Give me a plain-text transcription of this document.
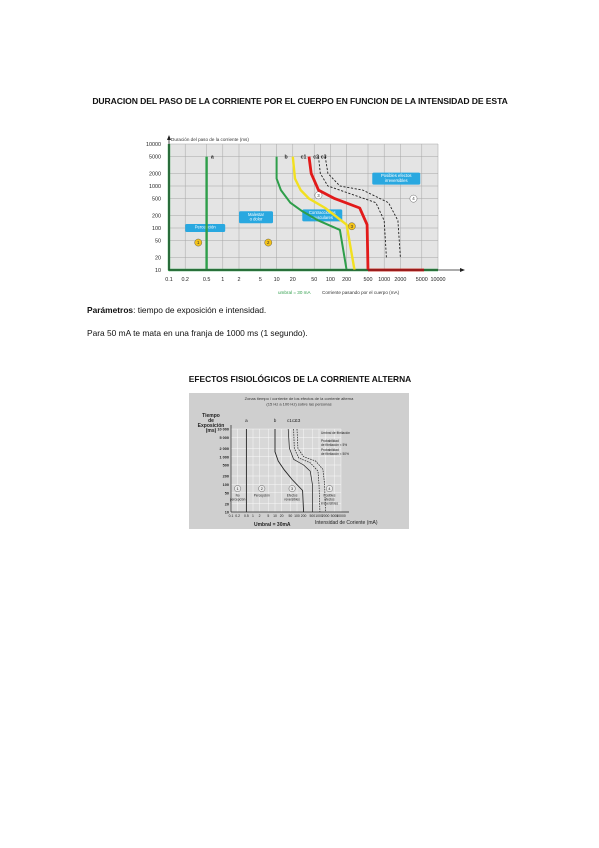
DURACION DEL PASO DE LA CORRIENTE POR EL CUERPO EN FUNCION DE LA INTENSIDAD DE ESTA
Percepción
Malestar
o dolor
Contracciones
musculares
Posibles efectos
irreversibles
1	2
3
3
4
Duración del paso de la corriente (ms)
10000
5000
2000
1000
500
200
100
50
20
10
0.1 0.2	0.5 1 2	5 10 20	50 100 200 500 1000 2000 5000 10000
umbral = 30 mA Corriente pasando por el cuerpo (mA)
a	b	c1 c2 c3
Parámetros: tiempo de exposición e intensidad.
Para 50 mA te mata en una franja de 1000 ms (1 segundo).
EFECTOS FISIOLÓGICOS DE LA CORRIENTE ALTERNA
Zonas tiempo / corriente de los efectos de la corriente alterna
(15 Hz a 100 Hz) sobre las personas
1
No
percepción
2
Percepción
3
Efectos
reversibles
4
Posibles
efectos
irreversibles
Umbral de fibrilación
Probabilidad
de fibrilación < 5%
Probabilidad
de fibrilación < 50%
Tiempo
de
Exposición
(ms) 10 000
5 000
2 000
1 000
500
200
100
50
20
10
0.1 0.2 0.5 1 2 5 10 20 50 100 200 500 1000 2000 5000
10000
a	b c1 c2
c3
Umbral = 30mA	Intensidad de Coriente (mA)
